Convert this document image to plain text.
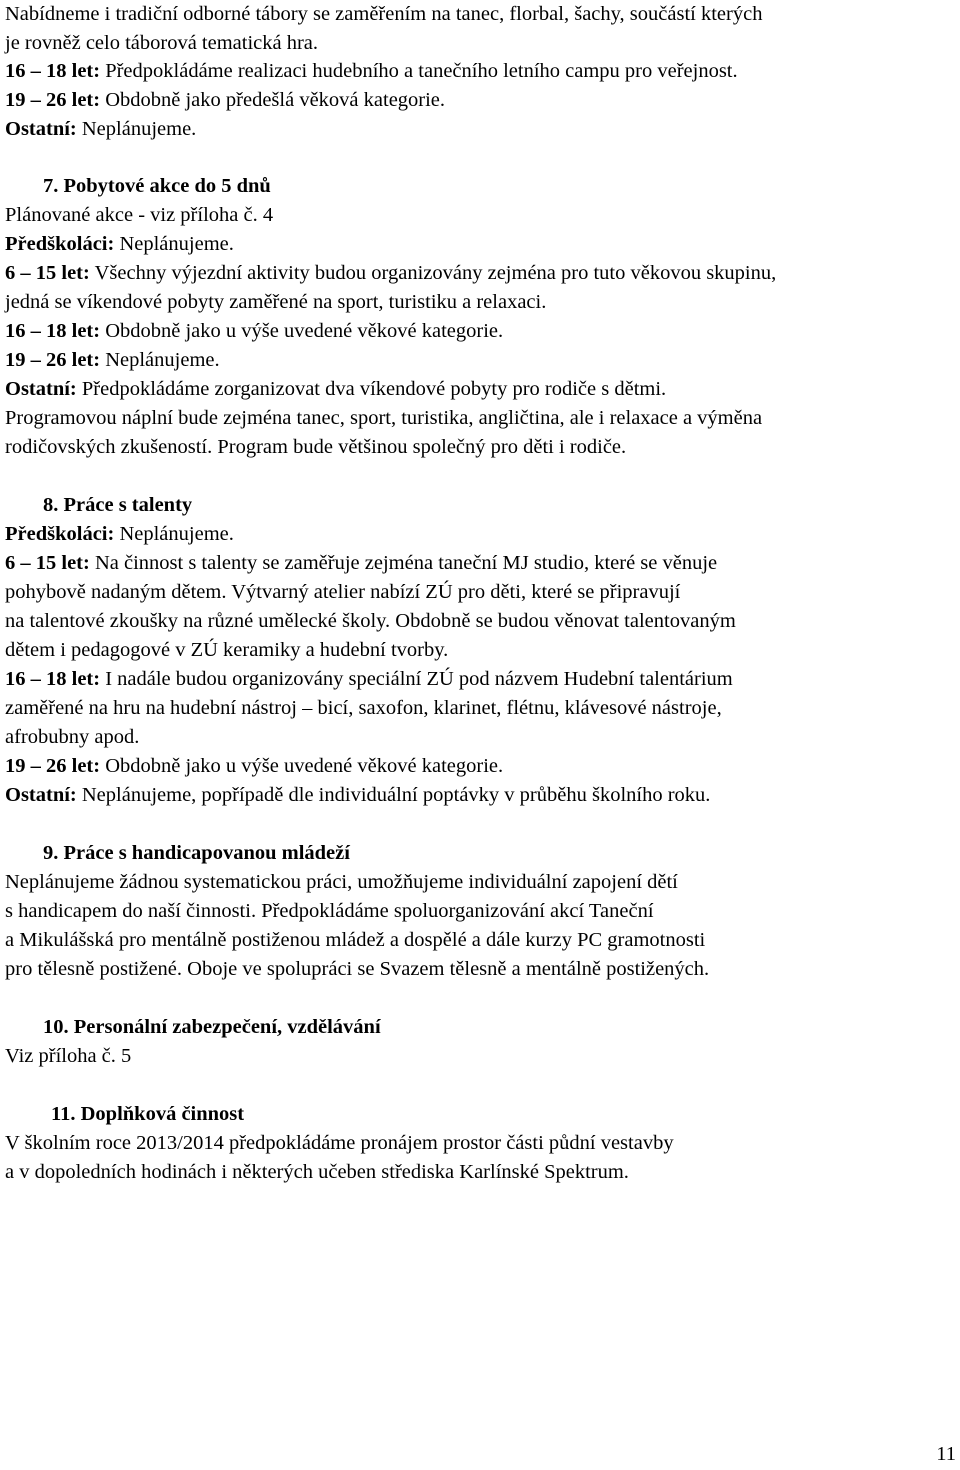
Nabídneme i tradiční odborné tábory se zaměřením na tanec, florbal, šachy, součástí kterých
je rovněž celo táborová tematická hra.
16 – 18 let: Předpokládáme realizaci hudebního a tanečního letního campu pro veřejnost.
19 – 26 let: Obdobně jako předešlá věková kategorie.
Ostatní: Neplánujeme.
7. Pobytové akce do 5 dnů
Plánované akce - viz příloha č. 4
Předškoláci: Neplánujeme.
6 – 15 let: Všechny výjezdní aktivity budou organizovány zejména pro tuto věkovou skupinu,
jedná se víkendové pobyty zaměřené na sport, turistiku a relaxaci.
16 – 18 let: Obdobně jako u výše uvedené věkové kategorie.
19 – 26 let: Neplánujeme.
Ostatní: Předpokládáme zorganizovat dva víkendové pobyty pro rodiče s dětmi.
Programovou náplní bude zejména tanec, sport, turistika, angličtina, ale i relaxace a výměna
rodičovských zkušeností. Program bude většinou společný pro děti i rodiče.
8. Práce s talenty
Předškoláci: Neplánujeme.
6 – 15 let: Na činnost s talenty se zaměřuje zejména taneční MJ studio, které se věnuje
pohybově nadaným dětem. Výtvarný atelier nabízí ZÚ pro děti, které se připravují
na talentové zkoušky na různé umělecké školy. Obdobně se budou věnovat talentovaným
dětem i pedagogové v ZÚ keramiky a hudební tvorby.
16 – 18 let: I nadále budou organizovány speciální ZÚ pod názvem Hudební talentárium
zaměřené na hru na hudební nástroj – bicí, saxofon, klarinet, flétnu, klávesové nástroje,
afrobubny apod.
19 – 26 let: Obdobně jako u výše uvedené věkové kategorie.
Ostatní: Neplánujeme, popřípadě dle individuální poptávky v průběhu školního roku.
9. Práce s handicapovanou mládeží
Neplánujeme žádnou systematickou práci, umožňujeme individuální zapojení dětí
s handicapem do naší činnosti. Předpokládáme spoluorganizování akcí Taneční
a Mikulášská pro mentálně postiženou mládež a dospělé a dále kurzy PC gramotnosti
pro tělesně postižené. Oboje ve spolupráci se Svazem tělesně a mentálně postižených.
10. Personální zabezpečení, vzdělávání
Viz příloha č. 5
11. Doplňková činnost
V školním roce 2013/2014 předpokládáme pronájem prostor části půdní vestavby
a v dopoledních hodinách i některých učeben střediska Karlínské Spektrum.
11
